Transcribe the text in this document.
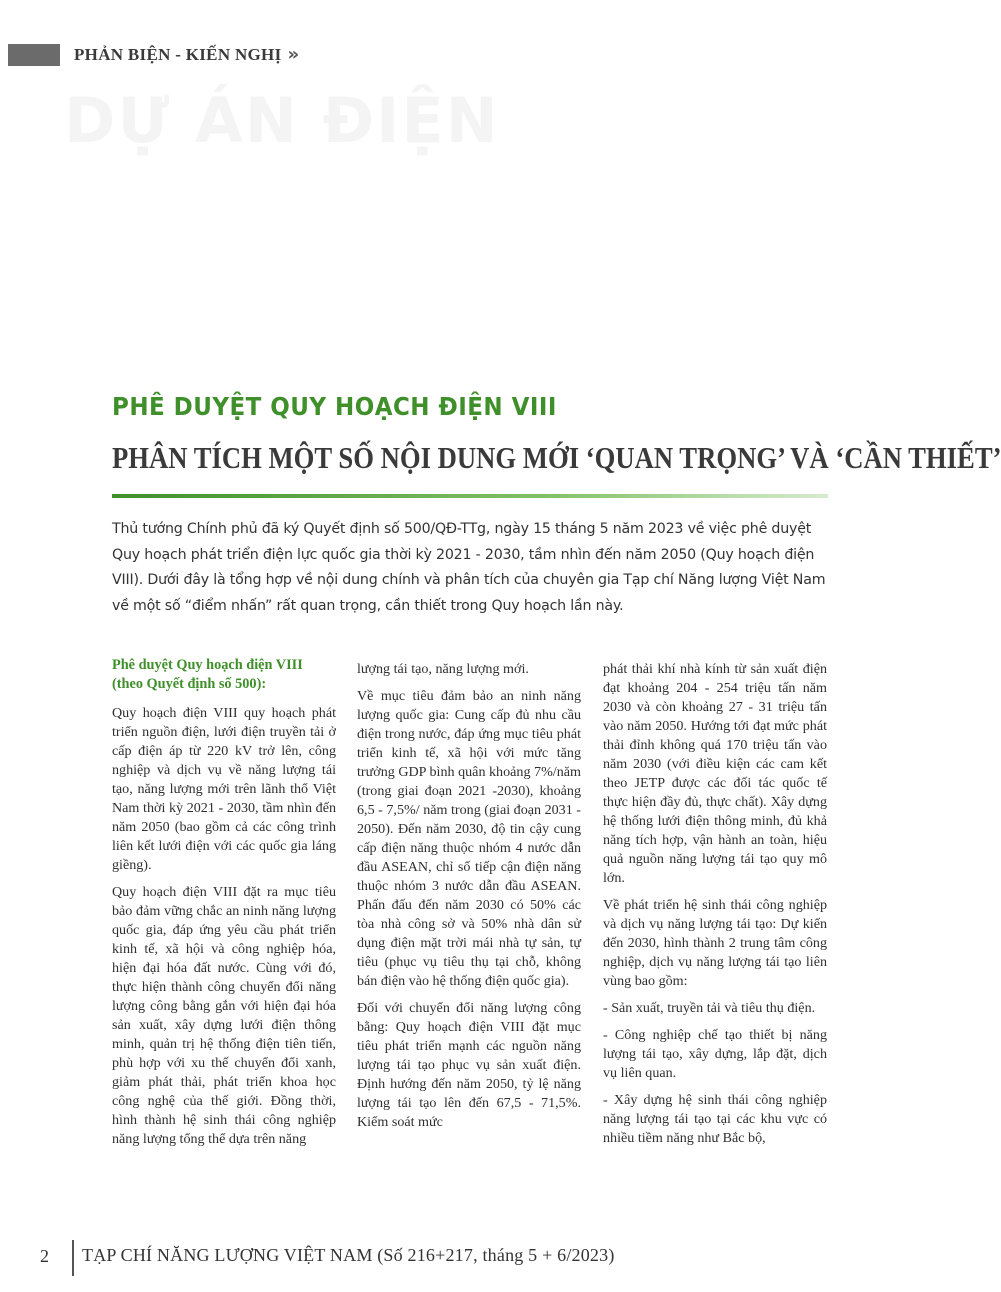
PHẢN BIỆN - KIẾN NGHỊ »
PHÊ DUYỆT QUY HOẠCH ĐIỆN VIII
PHÂN TÍCH MỘT SỐ NỘI DUNG MỚI ‘QUAN TRỌNG’ VÀ ‘CẦN THIẾT’
Thủ tướng Chính phủ đã ký Quyết định số 500/QĐ-TTg, ngày 15 tháng 5 năm 2023 về việc phê duyệt Quy hoạch phát triển điện lực quốc gia thời kỳ 2021 - 2030, tầm nhìn đến năm 2050 (Quy hoạch điện VIII). Dưới đây là tổng hợp về nội dung chính và phân tích của chuyên gia Tạp chí Năng lượng Việt Nam về một số “điểm nhấn” rất quan trọng, cần thiết trong Quy hoạch lần này.

Phê duyệt Quy hoạch điện VIII (theo Quyết định số 500):

Quy hoạch điện VIII quy hoạch phát triển nguồn điện, lưới điện truyền tải ở cấp điện áp từ 220 kV trở lên, công nghiệp và dịch vụ về năng lượng tái tạo, năng lượng mới trên lãnh thổ Việt Nam thời kỳ 2021 - 2030, tầm nhìn đến năm 2050 (bao gồm cả các công trình liên kết lưới điện với các quốc gia láng giềng).

Quy hoạch điện VIII đặt ra mục tiêu bảo đảm vững chắc an ninh năng lượng quốc gia, đáp ứng yêu cầu phát triển kinh tế, xã hội và công nghiệp hóa, hiện đại hóa đất nước. Cùng với đó, thực hiện thành công chuyển đổi năng lượng công bằng gắn với hiện đại hóa sản xuất, xây dựng lưới điện thông minh, quản trị hệ thống điện tiên tiến, phù hợp với xu thế chuyển đổi xanh, giảm phát thải, phát triển khoa học công nghệ của thế giới. Đồng thời, hình thành hệ sinh thái công nghiệp năng lượng tổng thể dựa trên năng

lượng tái tạo, năng lượng mới.

Về mục tiêu đảm bảo an ninh năng lượng quốc gia: Cung cấp đủ nhu cầu điện trong nước, đáp ứng mục tiêu phát triển kinh tế, xã hội với mức tăng trưởng GDP bình quân khoảng 7%/năm (trong giai đoạn 2021 -2030), khoảng 6,5 - 7,5%/ năm trong (giai đoạn 2031 - 2050). Đến năm 2030, độ tin cậy cung cấp điện năng thuộc nhóm 4 nước dẫn đầu ASEAN, chỉ số tiếp cận điện năng thuộc nhóm 3 nước dẫn đầu ASEAN. Phấn đấu đến năm 2030 có 50% các tòa nhà công sở và 50% nhà dân sử dụng điện mặt trời mái nhà tự sản, tự tiêu (phục vụ tiêu thụ tại chỗ, không bán điện vào hệ thống điện quốc gia).

Đối với chuyển đổi năng lượng công bằng: Quy hoạch điện VIII đặt mục tiêu phát triển mạnh các nguồn năng lượng tái tạo phục vụ sản xuất điện. Định hướng đến năm 2050, tỷ lệ năng lượng tái tạo lên đến 67,5 - 71,5%. Kiểm soát mức

phát thải khí nhà kính từ sản xuất điện đạt khoảng 204 - 254 triệu tấn năm 2030 và còn khoảng 27 - 31 triệu tấn vào năm 2050. Hướng tới đạt mức phát thải đỉnh không quá 170 triệu tấn vào năm 2030 (với điều kiện các cam kết theo JETP được các đối tác quốc tế thực hiện đầy đủ, thực chất). Xây dựng hệ thống lưới điện thông minh, đủ khả năng tích hợp, vận hành an toàn, hiệu quả nguồn năng lượng tái tạo quy mô lớn.

Về phát triển hệ sinh thái công nghiệp và dịch vụ năng lượng tái tạo: Dự kiến đến 2030, hình thành 2 trung tâm công nghiệp, dịch vụ năng lượng tái tạo liên vùng bao gồm:

- Sản xuất, truyền tải và tiêu thụ điện.

- Công nghiệp chế tạo thiết bị năng lượng tái tạo, xây dựng, lắp đặt, dịch vụ liên quan.

- Xây dựng hệ sinh thái công nghiệp năng lượng tái tạo tại các khu vực có nhiều tiềm năng như Bắc bộ,

2 TẠP CHÍ NĂNG LƯỢNG VIỆT NAM (Số 216+217, tháng 5 + 6/2023)
